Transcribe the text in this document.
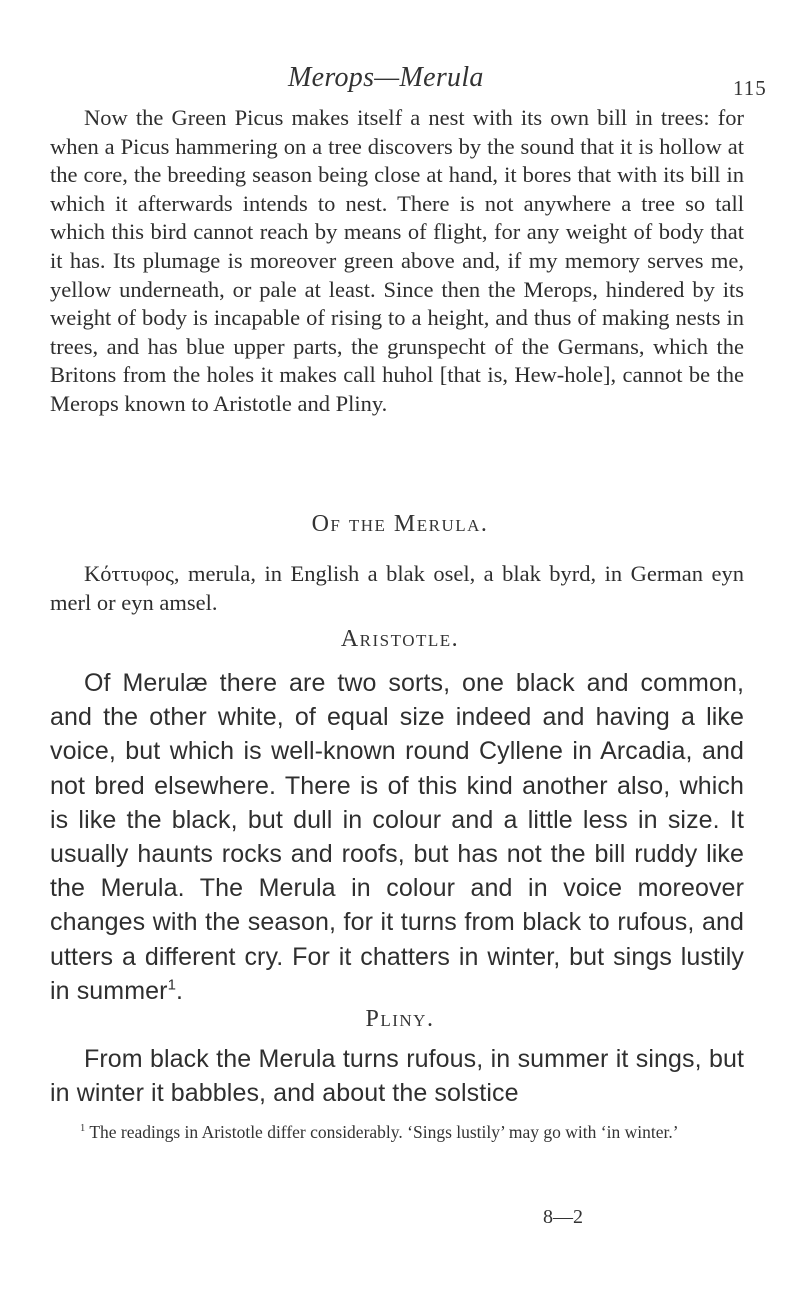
Merops—Merula	115

Now the Green Picus makes itself a nest with its own bill in trees: for when a Picus hammering on a tree discovers by the sound that it is hollow at the core, the breeding season being close at hand, it bores that with its bill in which it afterwards intends to nest. There is not anywhere a tree so tall which this bird cannot reach by means of flight, for any weight of body that it has. Its plumage is moreover green above and, if my memory serves me, yellow underneath, or pale at least. Since then the Merops, hindered by its weight of body is incapable of rising to a height, and thus of making nests in trees, and has blue upper parts, the grunspecht of the Germans, which the Britons from the holes it makes call huhol [that is, Hew-hole], cannot be the Merops known to Aristotle and Pliny.

Of the Merula.

Κόττυφος, merula, in English a blak osel, a blak byrd, in German eyn merl or eyn amsel.

Aristotle.

Of Merulæ there are two sorts, one black and common, and the other white, of equal size indeed and having a like voice, but which is well-known round Cyllene in Arcadia, and not bred elsewhere. There is of this kind another also, which is like the black, but dull in colour and a little less in size. It usually haunts rocks and roofs, but has not the bill ruddy like the Merula. The Merula in colour and in voice moreover changes with the season, for it turns from black to rufous, and utters a different cry. For it chatters in winter, but sings lustily in summer$^1$.

Pliny.

From black the Merula turns rufous, in summer it sings, but in winter it babbles, and about the solstice

$^1$ The readings in Aristotle differ considerably. ‘Sings lustily’ may go with ‘in winter.’

8—2
